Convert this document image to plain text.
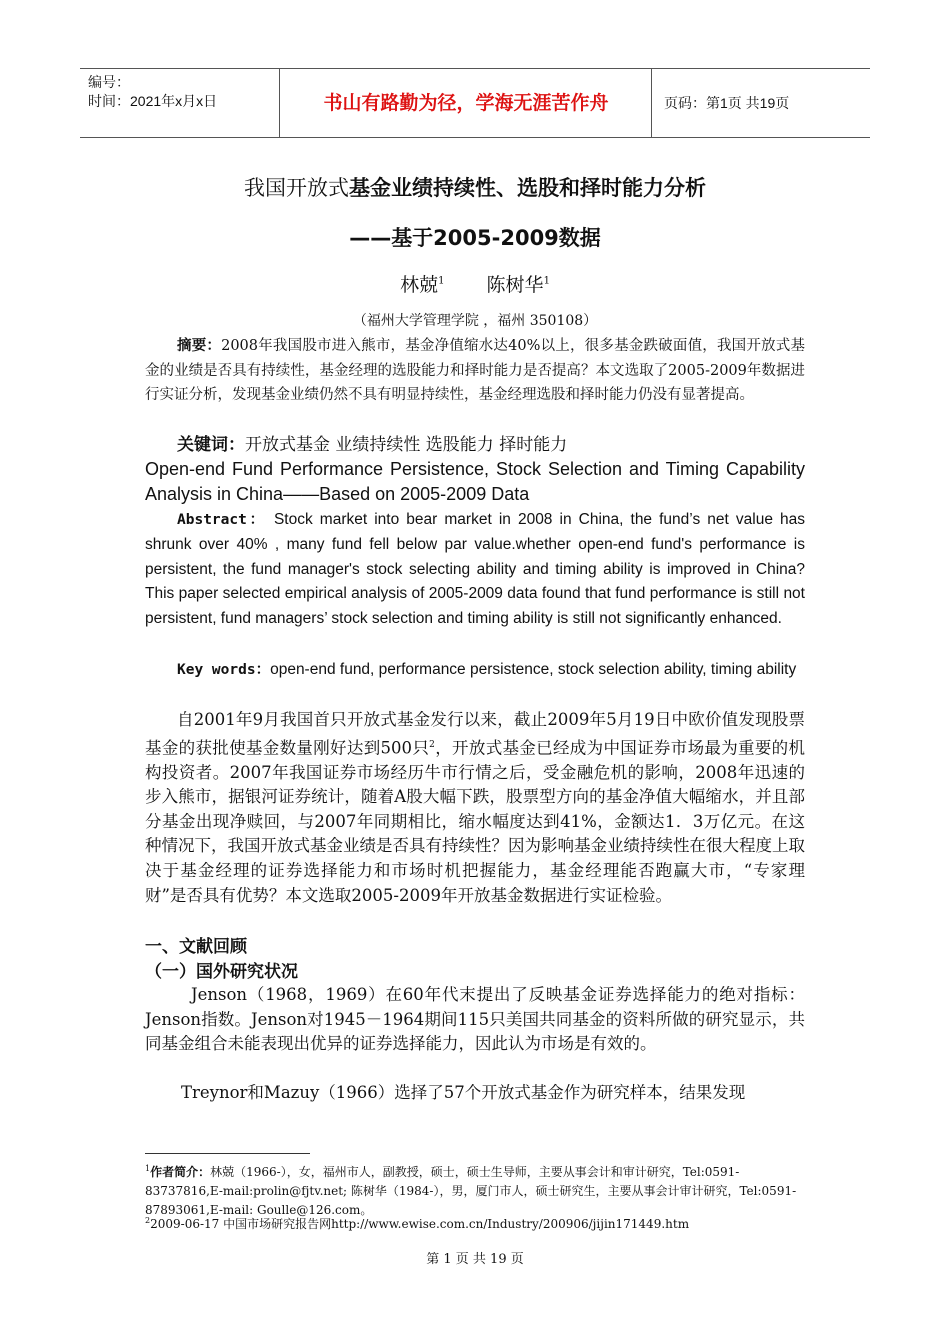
编号：
时间：2021年x月x日	书山有路勤为径，学海无涯苦作舟	页码：第1页 共19页
我国开放式基金业绩持续性、选股和择时能力分析
——基于2005-2009数据
林兢$^1$ 陈树华$^1$
（福州大学管理学院 ，福州 350108）
摘要：2008年我国股市进入熊市，基金净值缩水达40%以上，很多基金跌破面值，我国开放式基金的业绩是否具有持续性，基金经理的选股能力和择时能力是否提高？本文选取了2005-2009年数据进行实证分析，发现基金业绩仍然不具有明显持续性，基金经理选股和择时能力仍没有显著提高。
关键词：开放式基金 业绩持续性 选股能力 择时能力
Open-end Fund Performance Persistence, Stock Selection and Timing Capability Analysis in China——Based on 2005-2009 Data
Abstract： Stock market into bear market in 2008 in China, the fund’s net value has shrunk over 40% , many fund fell below par value.whether open-end fund's performance is persistent, the fund manager's stock selecting ability and timing ability is improved in China? This paper selected empirical analysis of 2005-2009 data found that fund performance is still not persistent, fund managers’ stock selection and timing ability is still not significantly enhanced.
Key words：open-end fund, performance persistence, stock selection ability, timing ability
自2001年9月我国首只开放式基金发行以来，截止2009年5月19日中欧价值发现股票基金的获批使基金数量刚好达到500只$^2$，开放式基金已经成为中国证券市场最为重要的机构投资者。2007年我国证券市场经历牛市行情之后，受金融危机的影响，2008年迅速的步入熊市，据银河证券统计，随着A股大幅下跌，股票型方向的基金净值大幅缩水，并且部分基金出现净赎回，与2007年同期相比，缩水幅度达到41%，金额达1．3万亿元。在这种情况下，我国开放式基金业绩是否具有持续性？因为影响基金业绩持续性在很大程度上取决于基金经理的证券选择能力和市场时机把握能力，基金经理能否跑赢大市，“专家理财”是否具有优势？本文选取2005-2009年开放基金数据进行实证检验。
一、文献回顾
（一）国外研究状况
Jenson（1968，1969）在60年代末提出了反映基金证券选择能力的绝对指标：Jenson指数。Jenson对1945－1964期间115只美国共同基金的资料所做的研究显示，共同基金组合未能表现出优异的证券选择能力，因此认为市场是有效的。
Treynor和Mazuy（1966）选择了57个开放式基金作为研究样本，结果发现
$^1$作者简介：林兢（1966-），女，福州市人，副教授，硕士，硕士生导师，主要从事会计和审计研究，Tel:0591-83737816,E-mail:prolin@fjtv.net; 陈树华（1984-），男，厦门市人，硕士研究生，主要从事会计审计研究，Tel:0591-87893061,E-mail: Goulle@126.com。
$^2$2009-06-17 中国市场研究报告网http://www.ewise.com.cn/Industry/200906/jijin171449.htm
第 1 页 共 19 页
